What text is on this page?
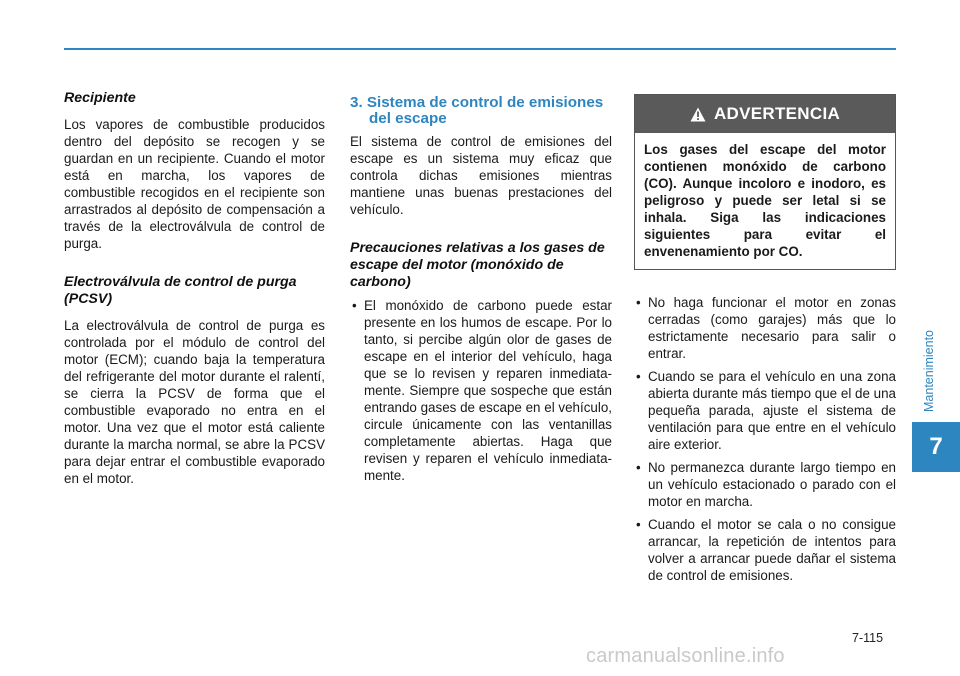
Recipiente

Los vapores de combustible producidos dentro del depósito se recogen y se guardan en un recipiente. Cuando el motor está en marcha, los vapores de combustible recogidos en el recipiente son arrastrados al depósito de compensación a través de la electroválvula de control de purga.

Electroválvula de control de purga (PCSV)

La electroválvula de control de purga es controlada por el módulo de control del motor (ECM); cuando baja la temperatura del refrigerante del motor durante el ralentí, se cierra la PCSV de forma que el combustible evaporado no entra en el motor. Una vez que el motor está caliente durante la marcha normal, se abre la PCSV para dejar entrar el combustible evaporado en el motor.

3. Sistema de control de emisiones del escape

El sistema de control de emisiones del escape es un sistema muy eficaz que controla dichas emisiones mientras mantiene unas buenas prestaciones del vehículo.

Precauciones relativas a los gases de escape del motor (monóxido de carbono)
• El monóxido de carbono puede estar presente en los humos de escape. Por lo tanto, si percibe algún olor de gases de escape en el interior del vehículo, haga que se lo revisen y reparen inmediatamente. Siempre que sospeche que están entrando gases de escape en el vehículo, circule únicamente con las ventanillas completamente abiertas. Haga que revisen y reparen el vehículo inmediatamente.
ADVERTENCIA
Los gases del escape del motor contienen monóxido de carbono (CO). Aunque incoloro e inodoro, es peligroso y puede ser letal si se inhala. Siga las indicaciones siguientes para evitar el envenenamiento por CO.
• No haga funcionar el motor en zonas cerradas (como garajes) más que lo estrictamente necesario para salir o entrar.
• Cuando se para el vehículo en una zona abierta durante más tiempo que el de una pequeña parada, ajuste el sistema de ventilación para que entre en el vehículo aire exterior.
• No permanezca durante largo tiempo en un vehículo estacionado o parado con el motor en marcha.
• Cuando el motor se cala o no consigue arrancar, la repetición de intentos para volver a arrancar puede dañar el sistema de control de emisiones.
Mantenimiento
7
7-115
carmanualsonline.info
